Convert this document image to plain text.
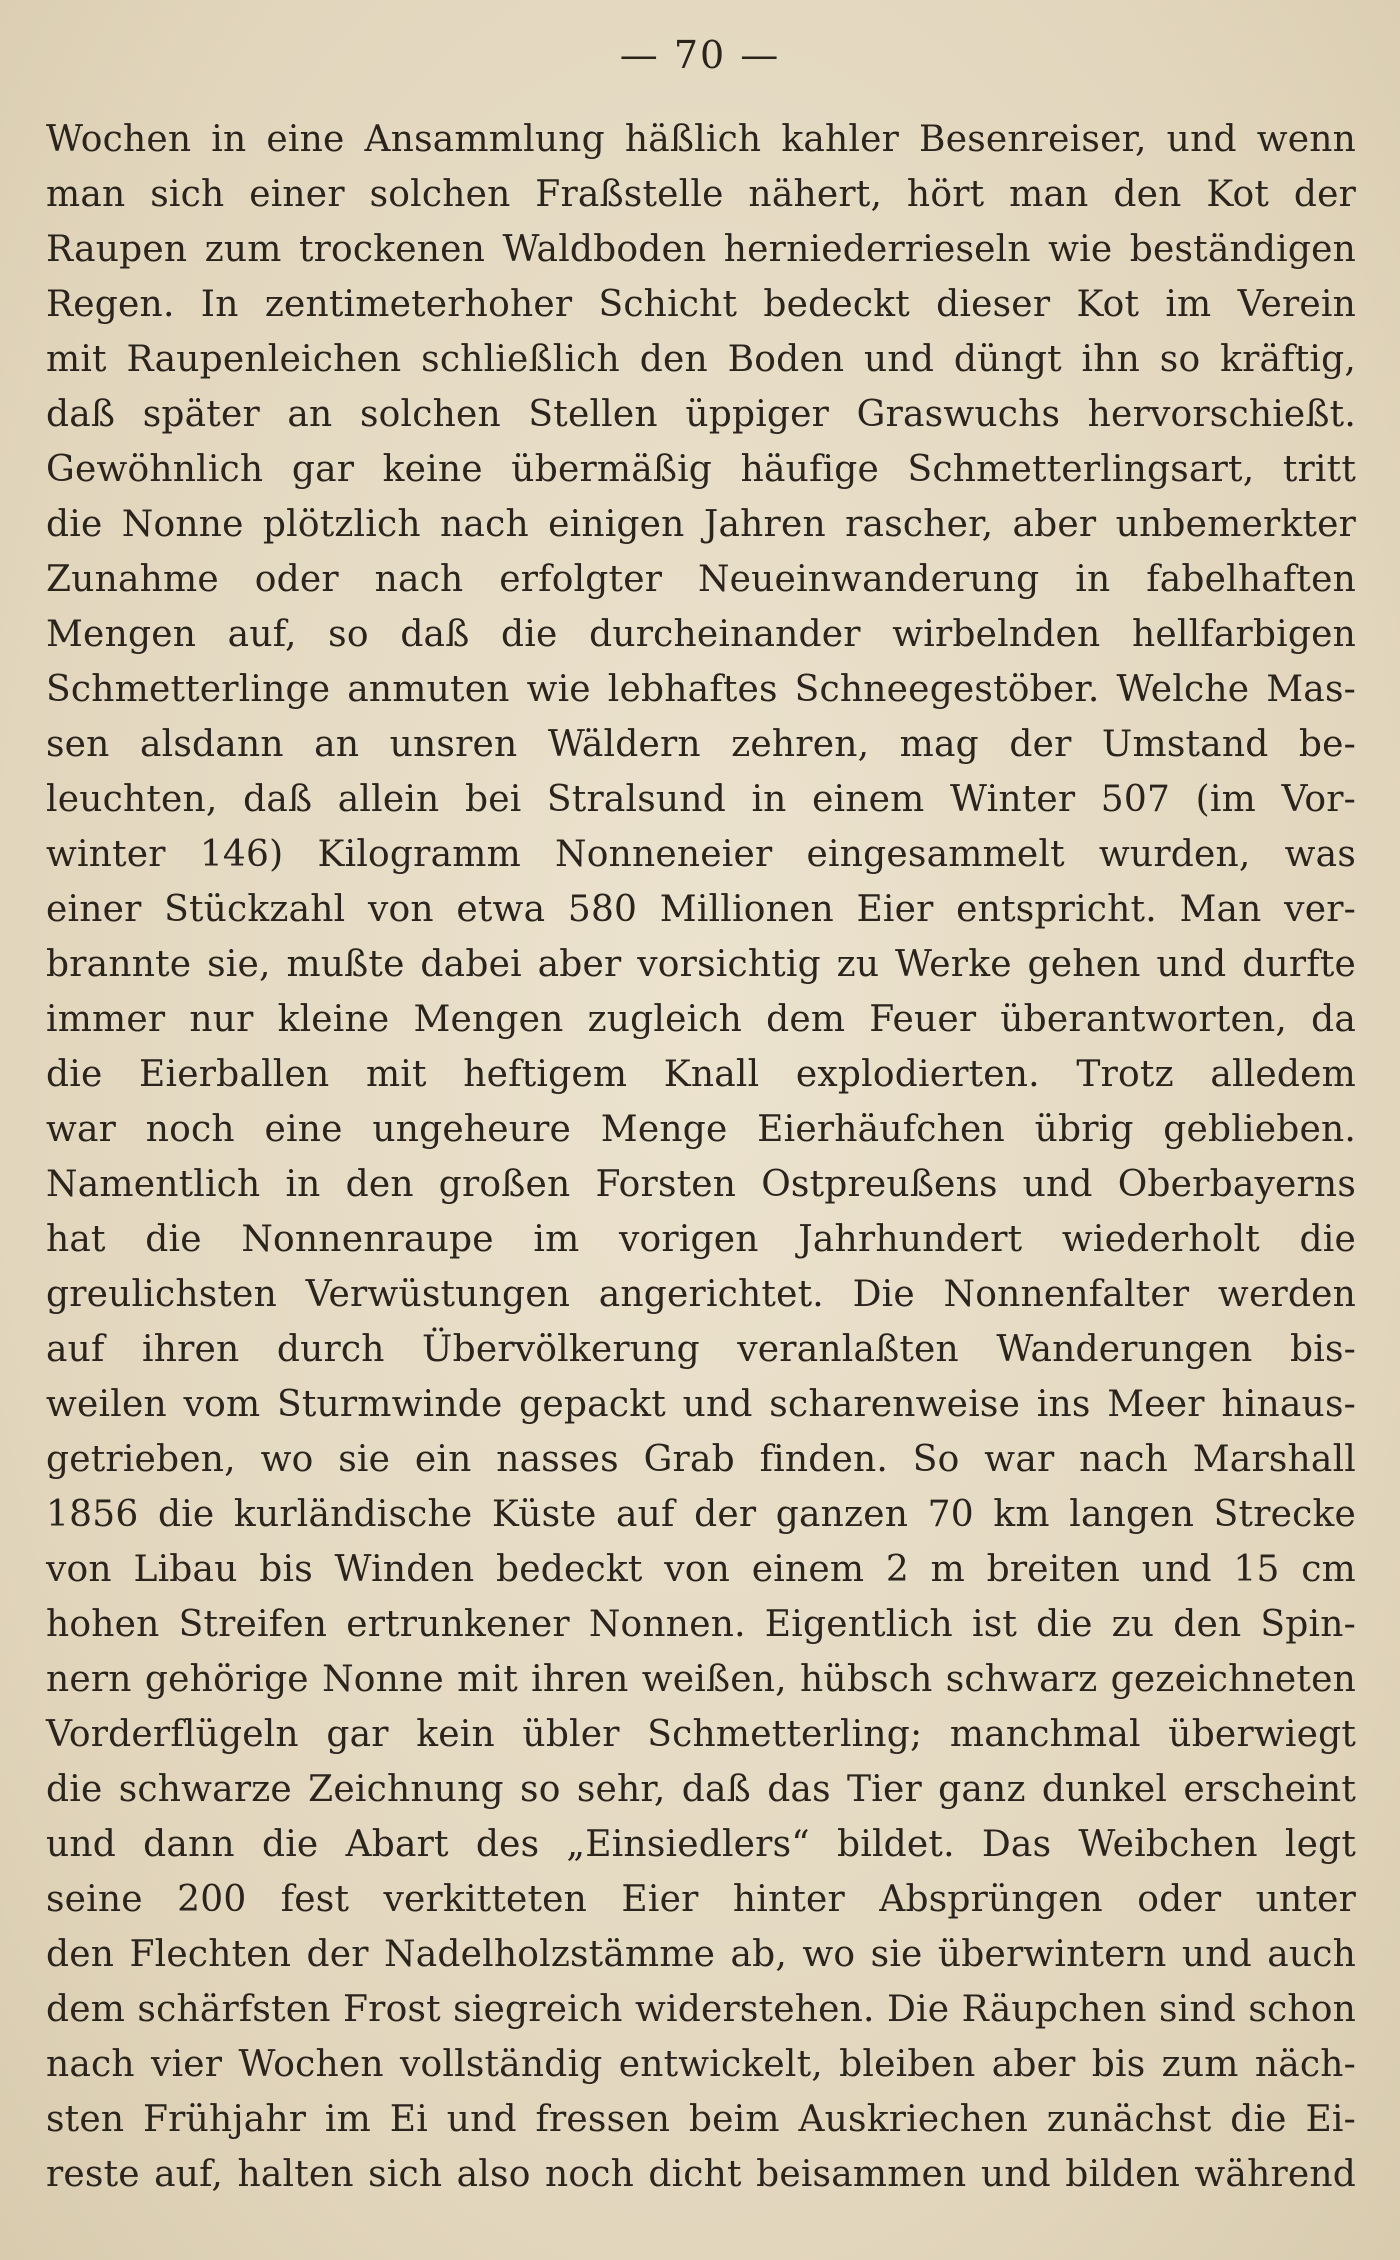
— 70 —
Wochen in eine Ansammlung häßlich kahler Besenreiser, und wenn
man sich einer solchen Fraßstelle nähert, hört man den Kot der
Raupen zum trockenen Waldboden herniederrieseln wie beständigen
Regen. In zentimeterhoher Schicht bedeckt dieser Kot im Verein
mit Raupenleichen schließlich den Boden und düngt ihn so kräftig,
daß später an solchen Stellen üppiger Graswuchs hervorschießt.
Gewöhnlich gar keine übermäßig häufige Schmetterlingsart, tritt
die Nonne plötzlich nach einigen Jahren rascher, aber unbemerkter
Zunahme oder nach erfolgter Neueinwanderung in fabelhaften
Mengen auf, so daß die durcheinander wirbelnden hellfarbigen
Schmetterlinge anmuten wie lebhaftes Schneegestöber. Welche Mas-
sen alsdann an unsren Wäldern zehren, mag der Umstand be-
leuchten, daß allein bei Stralsund in einem Winter 507 (im Vor-
winter 146) Kilogramm Nonneneier eingesammelt wurden, was
einer Stückzahl von etwa 580 Millionen Eier entspricht. Man ver-
brannte sie, mußte dabei aber vorsichtig zu Werke gehen und durfte
immer nur kleine Mengen zugleich dem Feuer überantworten, da
die Eierballen mit heftigem Knall explodierten. Trotz alledem
war noch eine ungeheure Menge Eierhäufchen übrig geblieben.
Namentlich in den großen Forsten Ostpreußens und Oberbayerns
hat die Nonnenraupe im vorigen Jahrhundert wiederholt die
greulichsten Verwüstungen angerichtet. Die Nonnenfalter werden
auf ihren durch Übervölkerung veranlaßten Wanderungen bis-
weilen vom Sturmwinde gepackt und scharenweise ins Meer hinaus-
getrieben, wo sie ein nasses Grab finden. So war nach Marshall
1856 die kurländische Küste auf der ganzen 70 km langen Strecke
von Libau bis Winden bedeckt von einem 2 m breiten und 15 cm
hohen Streifen ertrunkener Nonnen. Eigentlich ist die zu den Spin-
nern gehörige Nonne mit ihren weißen, hübsch schwarz gezeichneten
Vorderflügeln gar kein übler Schmetterling; manchmal überwiegt
die schwarze Zeichnung so sehr, daß das Tier ganz dunkel erscheint
und dann die Abart des „Einsiedlers“ bildet. Das Weibchen legt
seine 200 fest verkitteten Eier hinter Absprüngen oder unter
den Flechten der Nadelholzstämme ab, wo sie überwintern und auch
dem schärfsten Frost siegreich widerstehen. Die Räupchen sind schon
nach vier Wochen vollständig entwickelt, bleiben aber bis zum näch-
sten Frühjahr im Ei und fressen beim Auskriechen zunächst die Ei-
reste auf, halten sich also noch dicht beisammen und bilden während
